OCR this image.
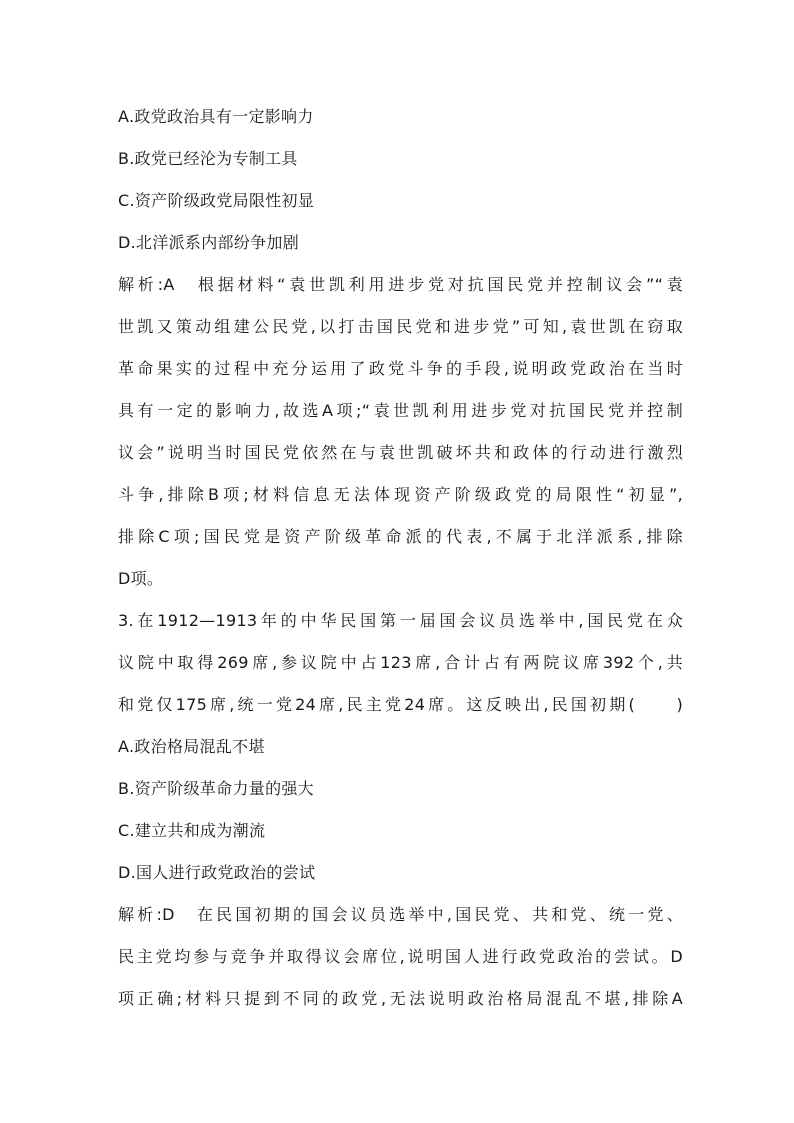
A.政党政治具有一定影响力
B.政党已经沦为专制工具
C.资产阶级政党局限性初显
D.北洋派系内部纷争加剧
解析:A　根据材料“袁世凯利用进步党对抗国民党并控制议会”“袁
世凯又策动组建公民党,以打击国民党和进步党”可知,袁世凯在窃取
革命果实的过程中充分运用了政党斗争的手段,说明政党政治在当时
具有一定的影响力,故选A项;“袁世凯利用进步党对抗国民党并控制
议会”说明当时国民党依然在与袁世凯破坏共和政体的行动进行激烈
斗争,排除B项;材料信息无法体现资产阶级政党的局限性“初显”,
排除C项;国民党是资产阶级革命派的代表,不属于北洋派系,排除
D项。
3.在1912—1913年的中华民国第一届国会议员选举中,国民党在众
议院中取得269席,参议院中占123席,合计占有两院议席392个,共
和党仅175席,统一党24席,民主党24席。这反映出,民国初期(　　)
A.政治格局混乱不堪
B.资产阶级革命力量的强大
C.建立共和成为潮流
D.国人进行政党政治的尝试
解析:D　在民国初期的国会议员选举中,国民党、共和党、统一党、
民主党均参与竞争并取得议会席位,说明国人进行政党政治的尝试。D
项正确;材料只提到不同的政党,无法说明政治格局混乱不堪,排除A
